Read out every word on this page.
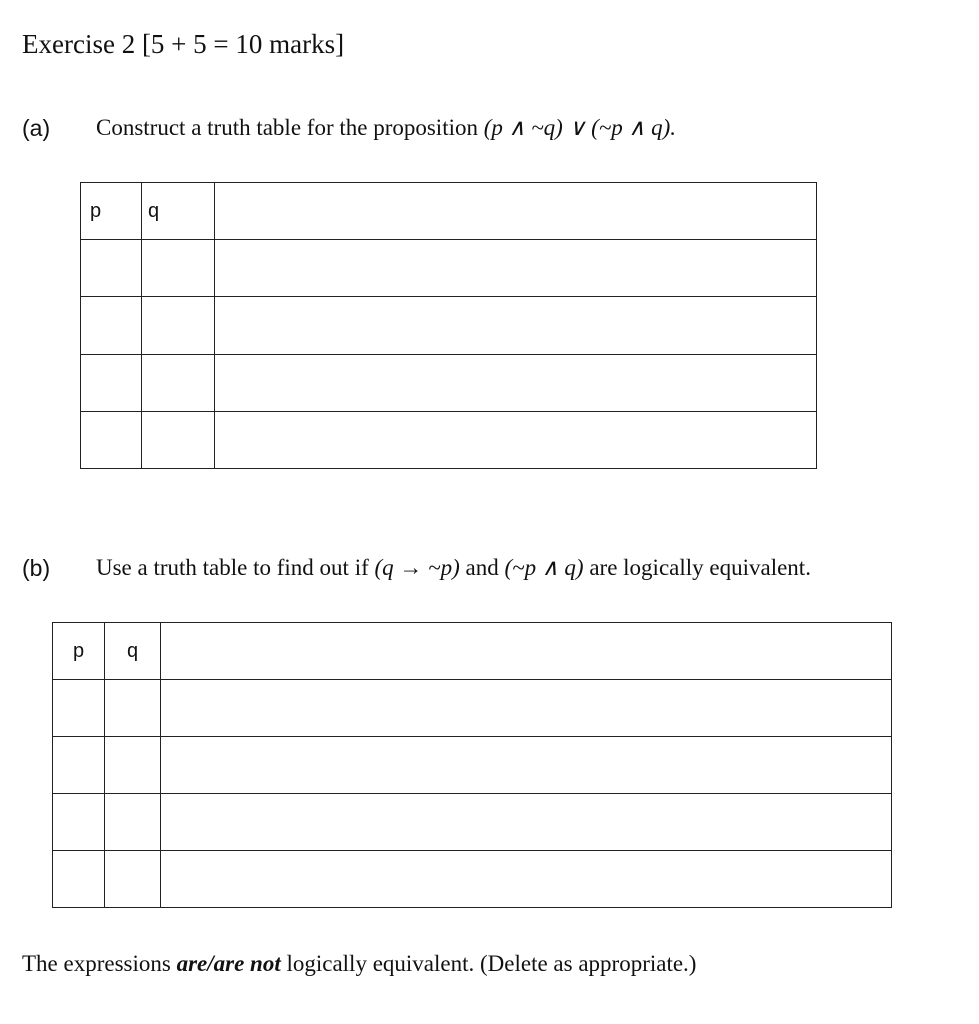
Exercise 2 [5 + 5 = 10 marks]
(a) Construct a truth table for the proposition (p ∧ ~q) ∨ (~p ∧ q).
p	q	

(b) Use a truth table to find out if (q → ~p) and (~p ∧ q) are logically equivalent.
p	q	

The expressions are/are not logically equivalent. (Delete as appropriate.)
